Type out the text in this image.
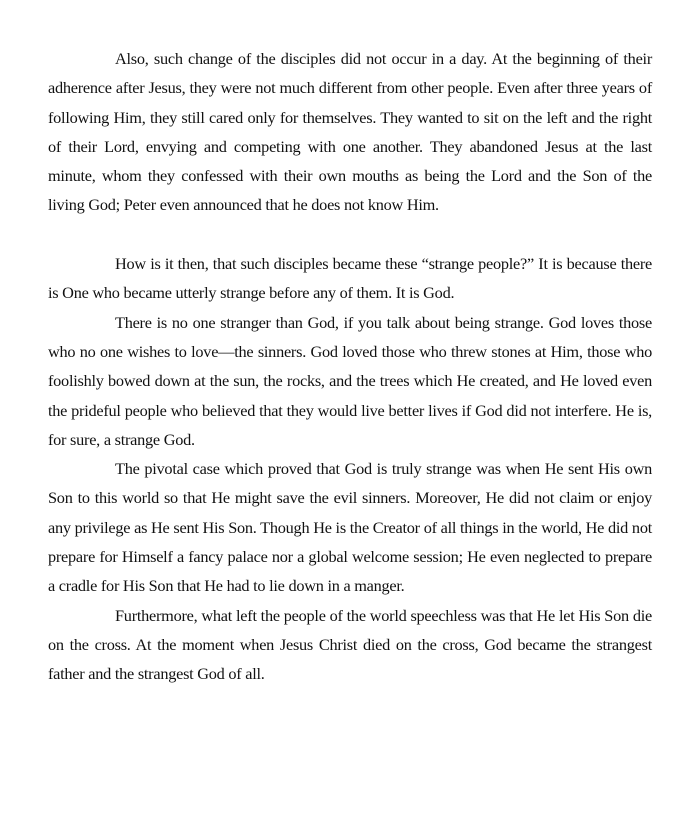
Also, such change of the disciples did not occur in a day. At the beginning of their adherence after Jesus, they were not much different from other people. Even after three years of following Him, they still cared only for themselves. They wanted to sit on the left and the right of their Lord, envying and competing with one another. They abandoned Jesus at the last minute, whom they confessed with their own mouths as being the Lord and the Son of the living God; Peter even announced that he does not know Him.

How is it then, that such disciples became these “strange people?” It is because there is One who became utterly strange before any of them. It is God.

There is no one stranger than God, if you talk about being strange. God loves those who no one wishes to love—the sinners. God loved those who threw stones at Him, those who foolishly bowed down at the sun, the rocks, and the trees which He created, and He loved even the prideful people who believed that they would live better lives if God did not interfere. He is, for sure, a strange God.

The pivotal case which proved that God is truly strange was when He sent His own Son to this world so that He might save the evil sinners. Moreover, He did not claim or enjoy any privilege as He sent His Son. Though He is the Creator of all things in the world, He did not prepare for Himself a fancy palace nor a global welcome session; He even neglected to prepare a cradle for His Son that He had to lie down in a manger.

Furthermore, what left the people of the world speechless was that He let His Son die on the cross. At the moment when Jesus Christ died on the cross, God became the strangest father and the strangest God of all.
